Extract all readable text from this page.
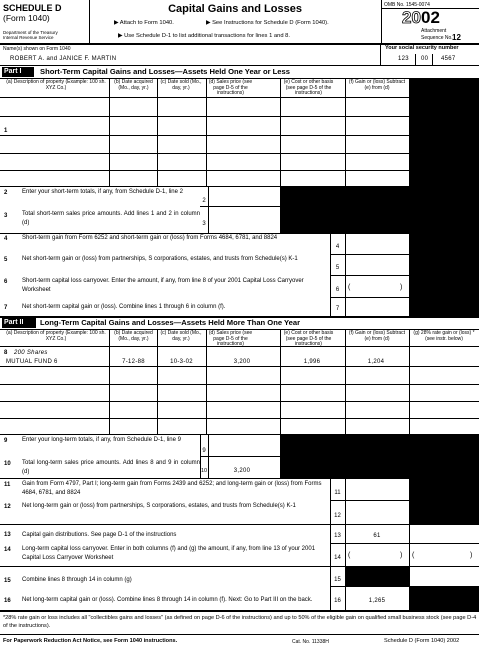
SCHEDULE D
(Form 1040)
Department of the Treasury
Internal Revenue Service
Capital Gains and Losses
▶ Attach to Form 1040.	▶ See Instructions for Schedule D (Form 1040).
▶ Use Schedule D-1 to list additional transactions for lines 1 and 8.
OMB No. 1545-0074
20 02
Attachment
Sequence No. 12
Name(s) shown on Form 1040
ROBERT A. and JANICE F. MARTIN
Your social security number
123 00 4567
Part I	Short-Term Capital Gains and Losses—Assets Held One Year or Less
(a) Description of property (Example: 100 sh. XYZ Co.)
(b) Date acquired (Mo., day, yr.)
(c) Date sold (Mo., day, yr.)
(d) Sales price (see page D-5 of the instructions)
(e) Cost or other basis (see page D-5 of the instructions)
(f) Gain or (loss) Subtract (e) from (d)
1
2 Enter your short-term totals, if any, from Schedule D-1, line 2
2
3 Total short-term sales price amounts. Add lines 1 and 2 in column (d)	3
4 Short-term gain from Form 6252 and short-term gain or (loss) from Forms 4684, 6781, and 8824
4
5 Net short-term gain or (loss) from partnerships, S corporations, estates, and trusts from Schedule(s) K-1
5
6 Short-term capital loss carryover. Enter the amount, if any, from line 8 of your 2001 Capital Loss Carryover Worksheet	6	(	)
7 Net short-term capital gain or (loss). Combine lines 1 through 6 in column (f).	7
Part II	Long-Term Capital Gains and Losses—Assets Held More Than One Year
(a) Description of property (Example: 100 sh. XYZ Co.)
(b) Date acquired (Mo., day, yr.)
(c) Date sold (Mo., day, yr.)
(d) Sales price (see page D-5 of the instructions)
(e) Cost or other basis (see page D-5 of the instructions)
(f) Gain or (loss) Subtract (e) from (d)
(g) 28% rate gain or (loss) * (see instr. below)
8 200 Shares
MUTUAL FUND 6	7-12-88	10-3-02	3,200	1,996	1,204
9 Enter your long-term totals, if any, from Schedule D-1, line 9
9
10 Total long-term sales price amounts. Add lines 8 and 9 in column (d)	10	3,200
11 Gain from Form 4797, Part I; long-term gain from Forms 2439 and 6252; and long-term gain or (loss) from Forms 4684, 6781, and 8824	11
12 Net long-term gain or (loss) from partnerships, S corporations, estates, and trusts from Schedule(s) K-1
12
13 Capital gain distributions. See page D-1 of the instructions	13	61
14 Long-term capital loss carryover. Enter in both columns (f) and (g) the amount, if any, from line 13 of your 2001 Capital Loss Carryover Worksheet	14	(	) (	)
15 Combine lines 8 through 14 in column (g)	15
16 Net long-term capital gain or (loss). Combine lines 8 through 14 in column (f). Next: Go to Part III on the back.	16	1,265
*28% rate gain or loss includes all "collectibles gains and losses" (as defined on page D-6 of the instructions) and up to 50% of the eligible gain on qualified small business stock (see page D-4 of the instructions).
For Paperwork Reduction Act Notice, see Form 1040 instructions.	Cat. No. 11338H	Schedule D (Form 1040) 2002
